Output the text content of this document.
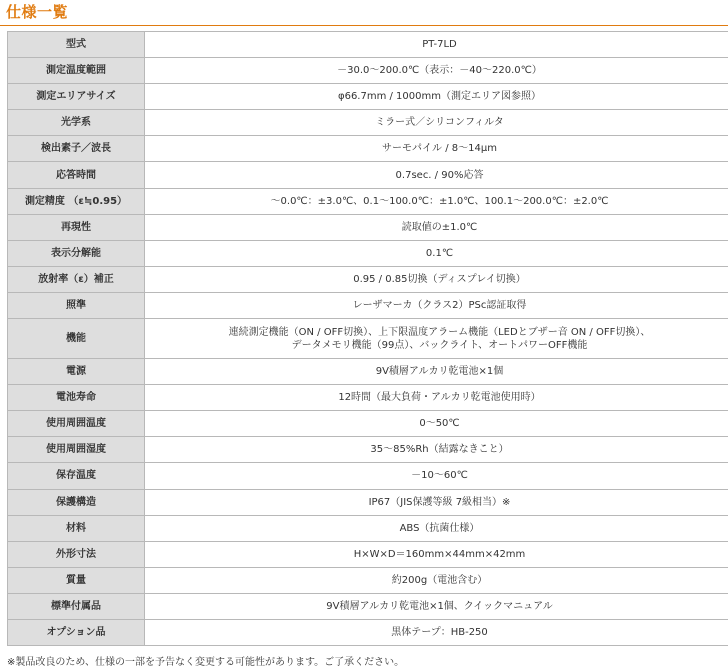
仕様一覧
型式	PT-7LD
測定温度範囲	－30.0～200.0℃（表示：－40～220.0℃）
測定エリアサイズ	φ66.7mm / 1000mm（測定エリア図参照）
光学系	ミラー式／シリコンフィルタ
検出素子／波長	サーモパイル / 8～14μm
応答時間	0.7sec. / 90%応答
測定精度 （ε≒0.95）	～0.0℃：±3.0℃、0.1～100.0℃：±1.0℃、100.1～200.0℃：±2.0℃
再現性	読取値の±1.0℃
表示分解能	0.1℃
放射率（ε）補正	0.95 / 0.85切換（ディスプレイ切換）
照準	レーザマーカ（クラス2）PSc認証取得
機能	連続測定機能（ON / OFF切換）、上下限温度アラーム機能（LEDとブザー音 ON / OFF切換）、
データメモリ機能（99点）、バックライト、オートパワーOFF機能

電源	9V積層アルカリ乾電池×1個
電池寿命	12時間（最大負荷・アルカリ乾電池使用時）
使用周囲温度	0～50℃
使用周囲湿度	35～85%Rh（結露なきこと）
保存温度	－10～60℃
保護構造	IP67（JIS保護等級 7級相当）※
材料	ABS（抗菌仕様）
外形寸法	H×W×D＝160mm×44mm×42mm
質量	約200g（電池含む）
標準付属品	9V積層アルカリ乾電池×1個、クイックマニュアル
オプション品	黒体テープ：HB-250

※製品改良のため、仕様の一部を予告なく変更する可能性があります。ご了承ください。
